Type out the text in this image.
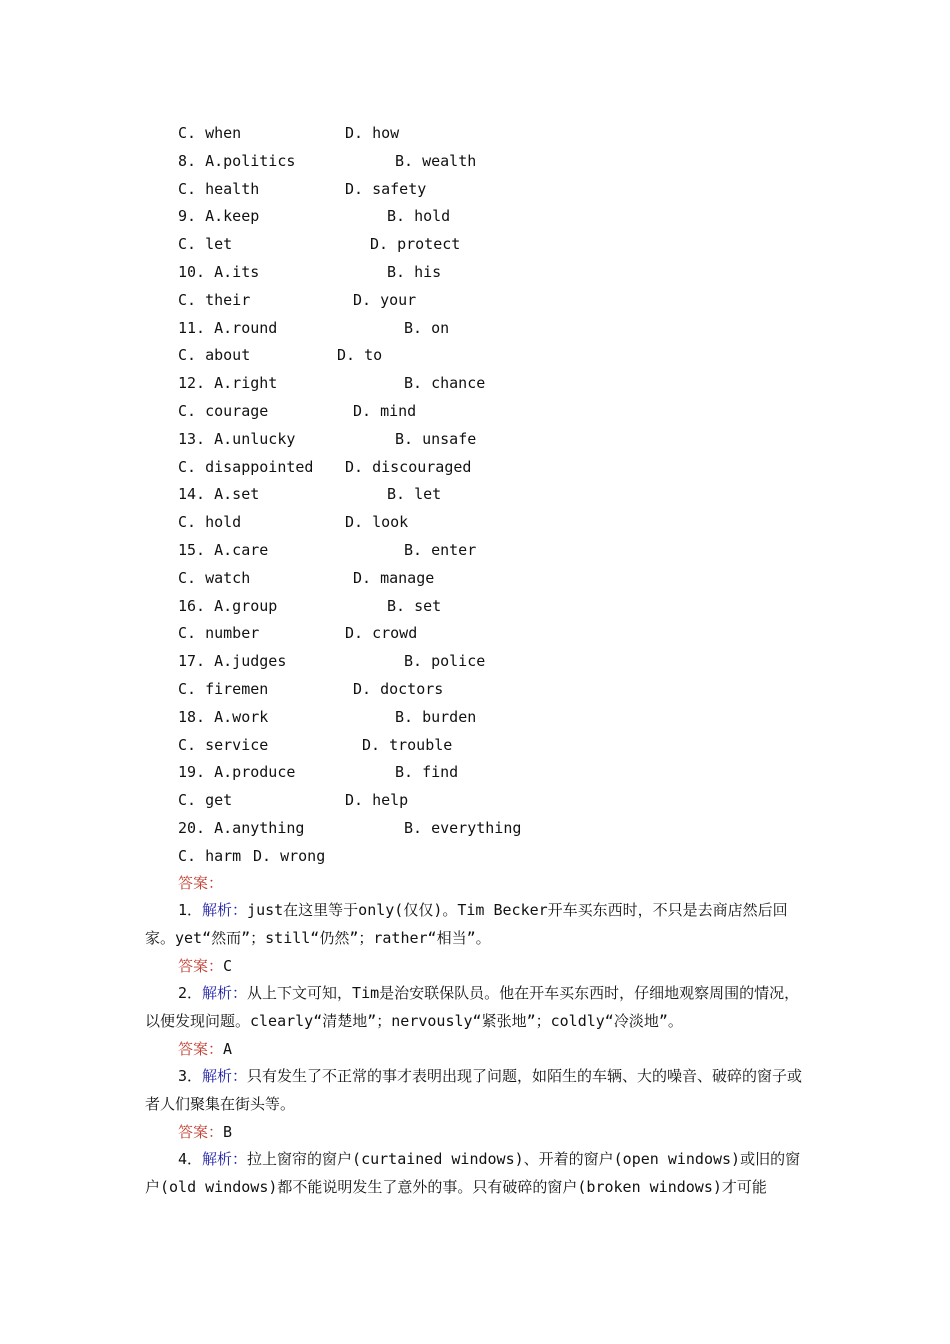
C. when	D. how
8. A.politics	B. wealth
C. health	D. safety
9. A.keep	B. hold
C. let	D. protect
10. A.its	B. his
C. their	D. your
11. A.round	B. on
C. about	D. to
12. A.right	B. chance
C. courage	D. mind
13. A.unlucky	B. unsafe
C. disappointed D. discouraged
14. A.set	B. let
C. hold	D. look
15. A.care	B. enter
C. watch	D. manage
16. A.group	B. set
C. number	D. crowd
17. A.judges	B. police
C. firemen	D. doctors
18. A.work	B. burden
C. service	D. trouble
19. A.produce	B. find
C. get	D. help
20. A.anything	B. everything
C. harm D. wrong
答案：
1．解析：just在这里等于only(仅仅)。Tim Becker开车买东西时，不只是去商店然后回家。yet“然而”；still“仍然”；rather“相当”。
答案：C
2．解析：从上下文可知，Tim是治安联保队员。他在开车买东西时，仔细地观察周围的情况，以便发现问题。clearly“清楚地”；nervously“紧张地”；coldly“冷淡地”。
答案：A
3．解析：只有发生了不正常的事才表明出现了问题，如陌生的车辆、大的噪音、破碎的窗子或者人们聚集在街头等。
答案：B
4．解析：拉上窗帘的窗户(curtained windows)、开着的窗户(open windows)或旧的窗户(old windows)都不能说明发生了意外的事。只有破碎的窗户(broken windows)才可能
